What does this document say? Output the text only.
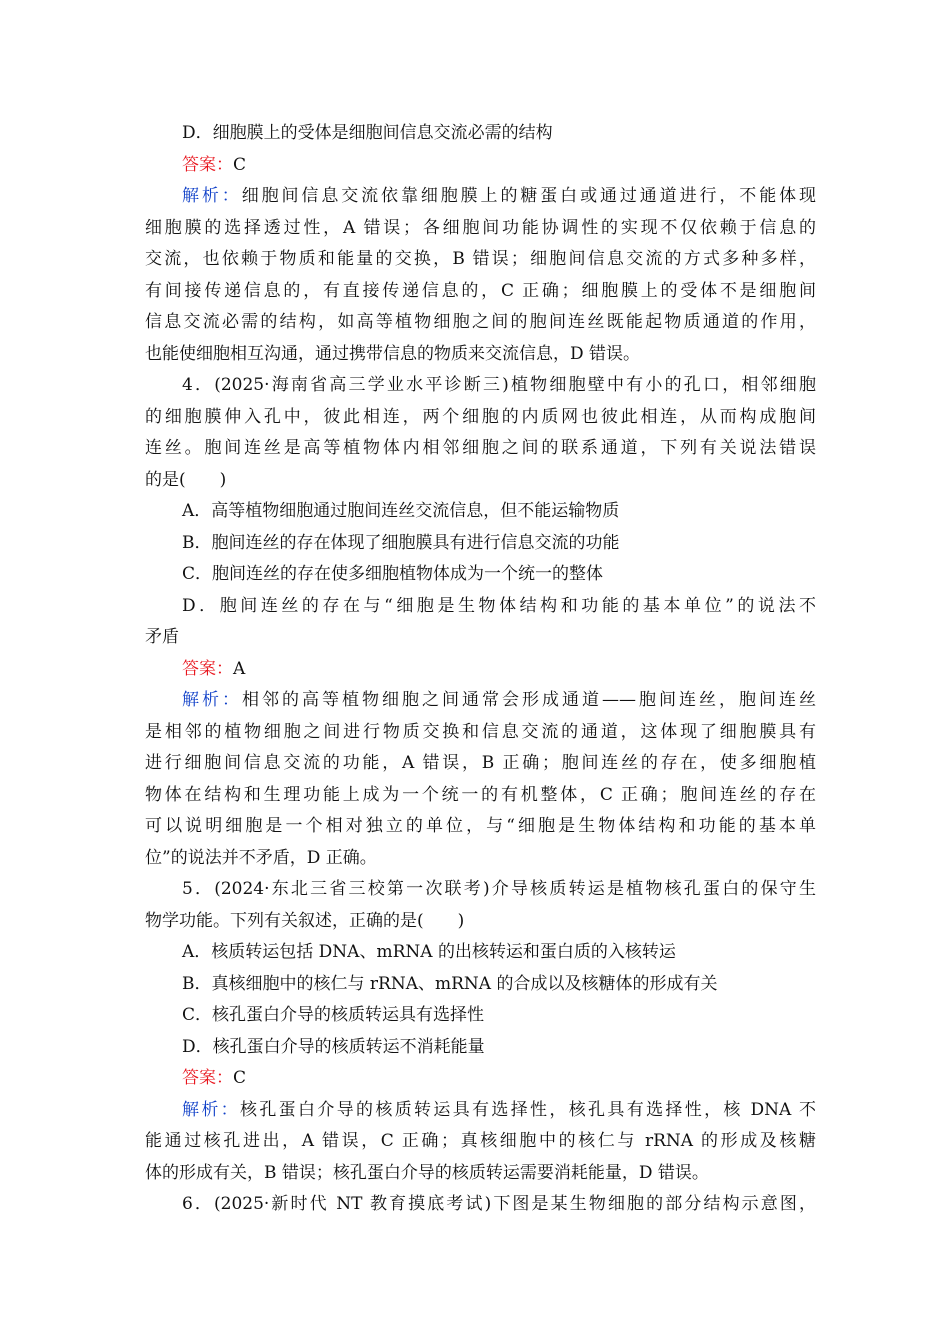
D．细胞膜上的受体是细胞间信息交流必需的结构
答案：C
解析：细胞间信息交流依靠细胞膜上的糖蛋白或通过通道进行，不能体现
细胞膜的选择透过性，A 错误；各细胞间功能协调性的实现不仅依赖于信息的
交流，也依赖于物质和能量的交换，B 错误；细胞间信息交流的方式多种多样，
有间接传递信息的，有直接传递信息的，C 正确；细胞膜上的受体不是细胞间
信息交流必需的结构，如高等植物细胞之间的胞间连丝既能起物质通道的作用，
也能使细胞相互沟通，通过携带信息的物质来交流信息，D 错误。
4．(2025·海南省高三学业水平诊断三)植物细胞壁中有小的孔口，相邻细胞
的细胞膜伸入孔中，彼此相连，两个细胞的内质网也彼此相连，从而构成胞间
连丝。胞间连丝是高等植物体内相邻细胞之间的联系通道，下列有关说法错误
的是(　　)
A．高等植物细胞通过胞间连丝交流信息，但不能运输物质
B．胞间连丝的存在体现了细胞膜具有进行信息交流的功能
C．胞间连丝的存在使多细胞植物体成为一个统一的整体
D．胞间连丝的存在与“细胞是生物体结构和功能的基本单位”的说法不
矛盾
答案：A
解析：相邻的高等植物细胞之间通常会形成通道——胞间连丝，胞间连丝
是相邻的植物细胞之间进行物质交换和信息交流的通道，这体现了细胞膜具有
进行细胞间信息交流的功能，A 错误，B 正确；胞间连丝的存在，使多细胞植
物体在结构和生理功能上成为一个统一的有机整体，C 正确；胞间连丝的存在
可以说明细胞是一个相对独立的单位，与“细胞是生物体结构和功能的基本单
位”的说法并不矛盾，D 正确。
5．(2024·东北三省三校第一次联考)介导核质转运是植物核孔蛋白的保守生
物学功能。下列有关叙述，正确的是(　　)
A．核质转运包括 DNA、mRNA 的出核转运和蛋白质的入核转运
B．真核细胞中的核仁与 rRNA、mRNA 的合成以及核糖体的形成有关
C．核孔蛋白介导的核质转运具有选择性
D．核孔蛋白介导的核质转运不消耗能量
答案：C
解析：核孔蛋白介导的核质转运具有选择性，核孔具有选择性，核 DNA 不
能通过核孔进出，A 错误，C 正确；真核细胞中的核仁与 rRNA 的形成及核糖
体的形成有关，B 错误；核孔蛋白介导的核质转运需要消耗能量，D 错误。
6．(2025·新时代 NT 教育摸底考试)下图是某生物细胞的部分结构示意图，
